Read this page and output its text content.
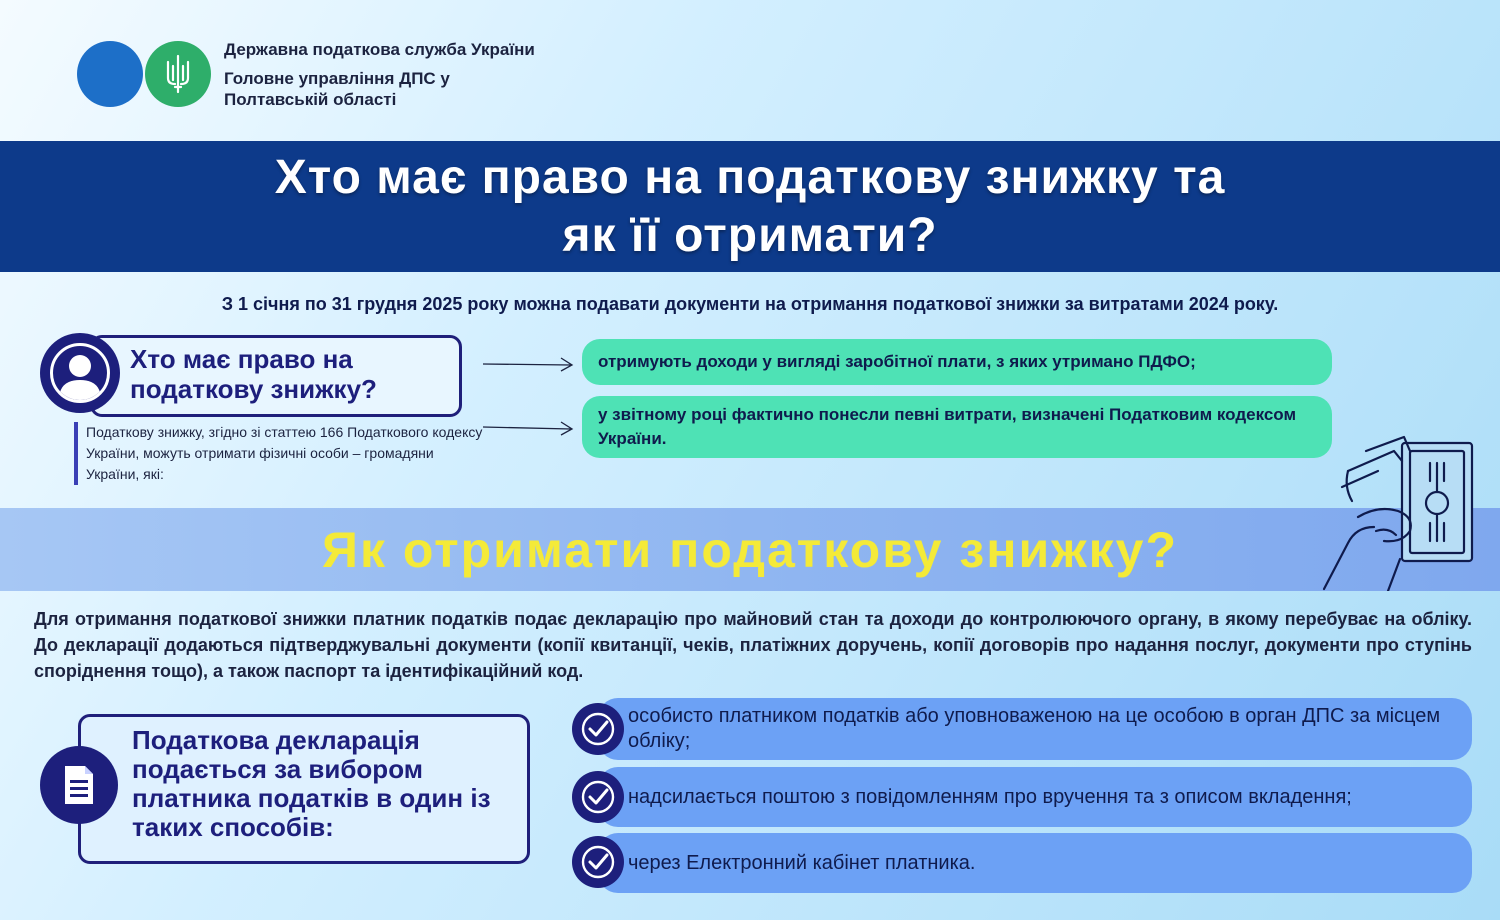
Державна податкова служба України
Головне управління ДПС у Полтавській області
Хто має право на податкову знижку та як її отримати?
З 1 січня по 31 грудня 2025 року можна подавати документи на отримання податкової знижки за витратами 2024 року.
Хто має право на податкову знижку?
Податкову знижку, згідно зі статтею 166 Податкового кодексу України, можуть отримати фізичні особи – громадяни України, які:
отримують доходи у вигляді заробітної плати, з яких утримано ПДФО;
у звітному році фактично понесли певні витрати, визначені Податковим кодексом України.
Як отримати податкову знижку?
Для отримання податкової знижки платник податків подає декларацію про майновий стан та доходи до контролюючого органу, в якому перебуває на обліку. До декларації додаються підтверджувальні документи (копії квитанції, чеків, платіжних доручень, копії договорів про надання послуг, документи про ступінь споріднення тощо), а також паспорт та ідентифікаційний код.
Податкова декларація подається за вибором платника податків в один із таких способів:
особисто платником податків або уповноваженою на це особою в орган ДПС за місцем обліку;
надсилається поштою з повідомленням про вручення та з описом вкладення;
через Електронний кабінет платника.
